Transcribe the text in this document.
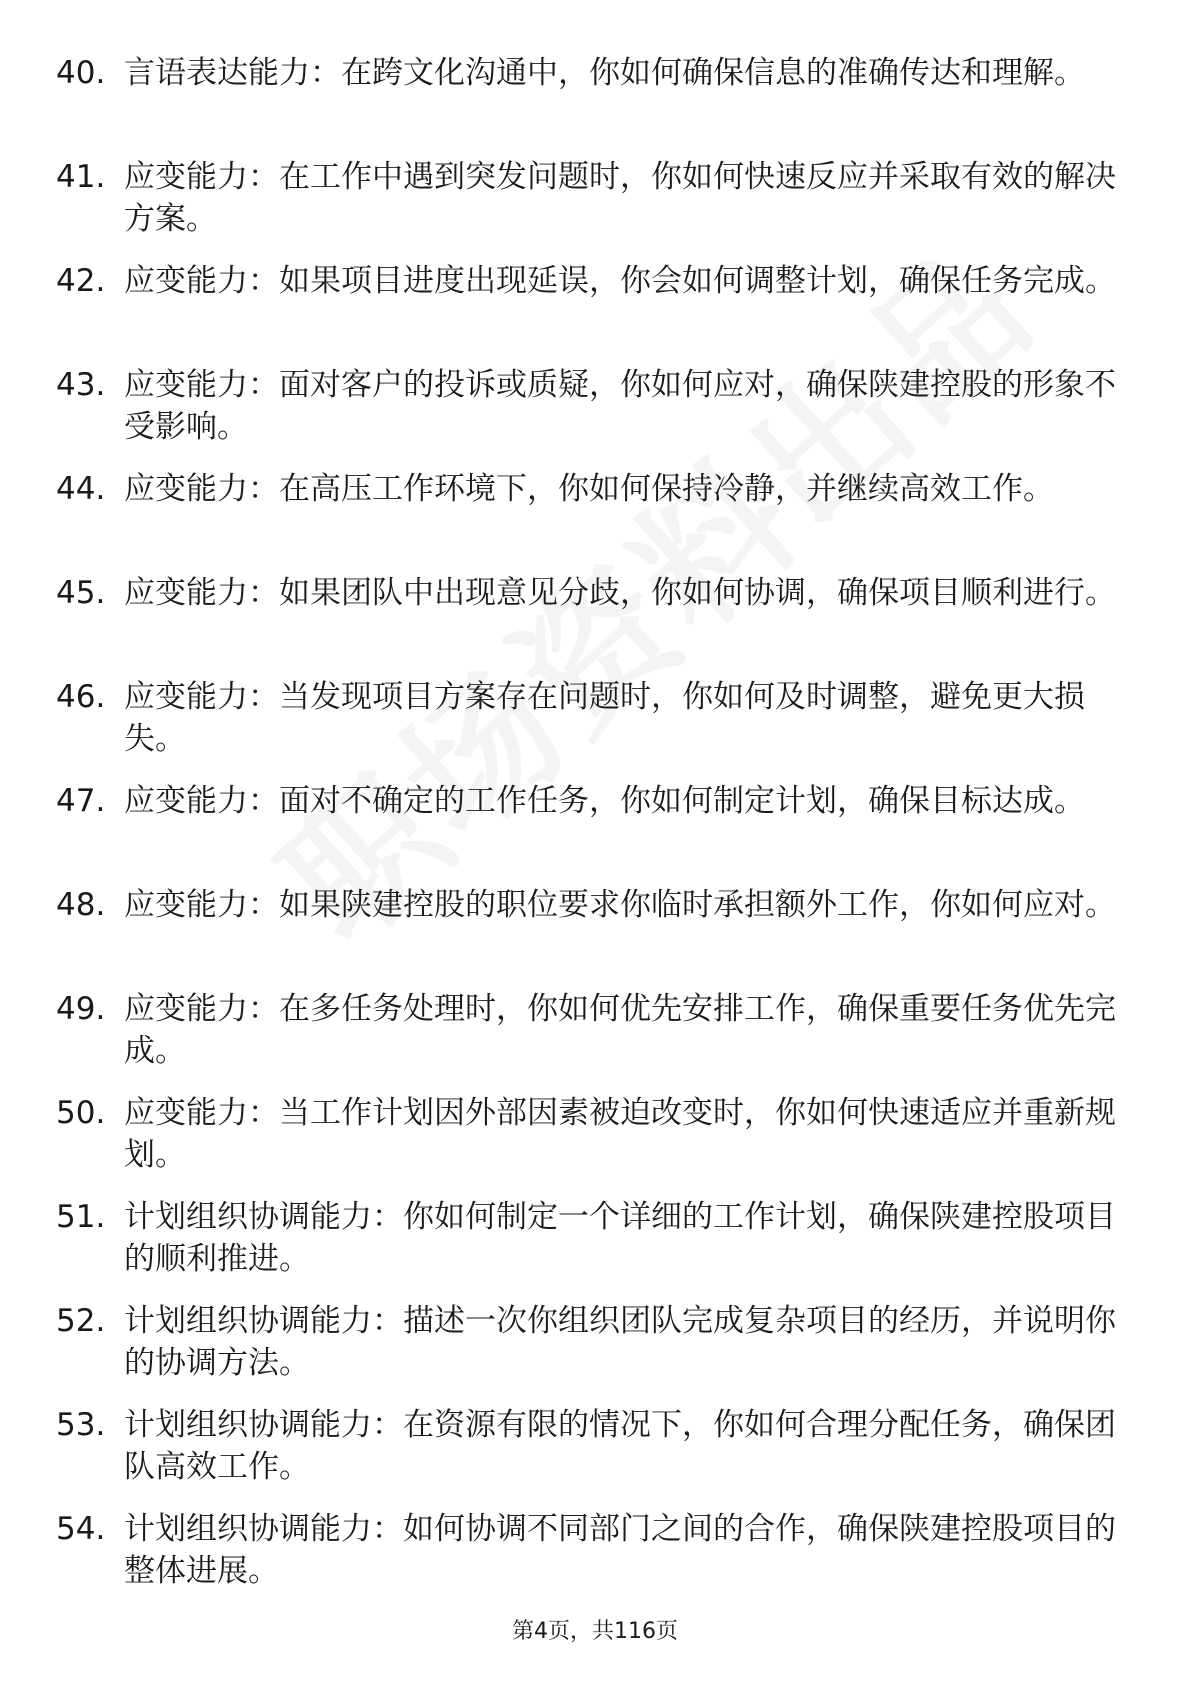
40. 言语表达能力：在跨文化沟通中，你如何确保信息的准确传达和理解。
41. 应变能力：在工作中遇到突发问题时，你如何快速反应并采取有效的解决方案。
42. 应变能力：如果项目进度出现延误，你会如何调整计划，确保任务完成。
43. 应变能力：面对客户的投诉或质疑，你如何应对，确保陕建控股的形象不受影响。
44. 应变能力：在高压工作环境下，你如何保持冷静，并继续高效工作。
45. 应变能力：如果团队中出现意见分歧，你如何协调，确保项目顺利进行。
46. 应变能力：当发现项目方案存在问题时，你如何及时调整，避免更大损失。
47. 应变能力：面对不确定的工作任务，你如何制定计划，确保目标达成。
48. 应变能力：如果陕建控股的职位要求你临时承担额外工作，你如何应对。
49. 应变能力：在多任务处理时，你如何优先安排工作，确保重要任务优先完成。
50. 应变能力：当工作计划因外部因素被迫改变时，你如何快速适应并重新规划。
51. 计划组织协调能力：你如何制定一个详细的工作计划，确保陕建控股项目的顺利推进。
52. 计划组织协调能力：描述一次你组织团队完成复杂项目的经历，并说明你的协调方法。
53. 计划组织协调能力：在资源有限的情况下，你如何合理分配任务，确保团队高效工作。
54. 计划组织协调能力：如何协调不同部门之间的合作，确保陕建控股项目的整体进展。
第4页，共116页
